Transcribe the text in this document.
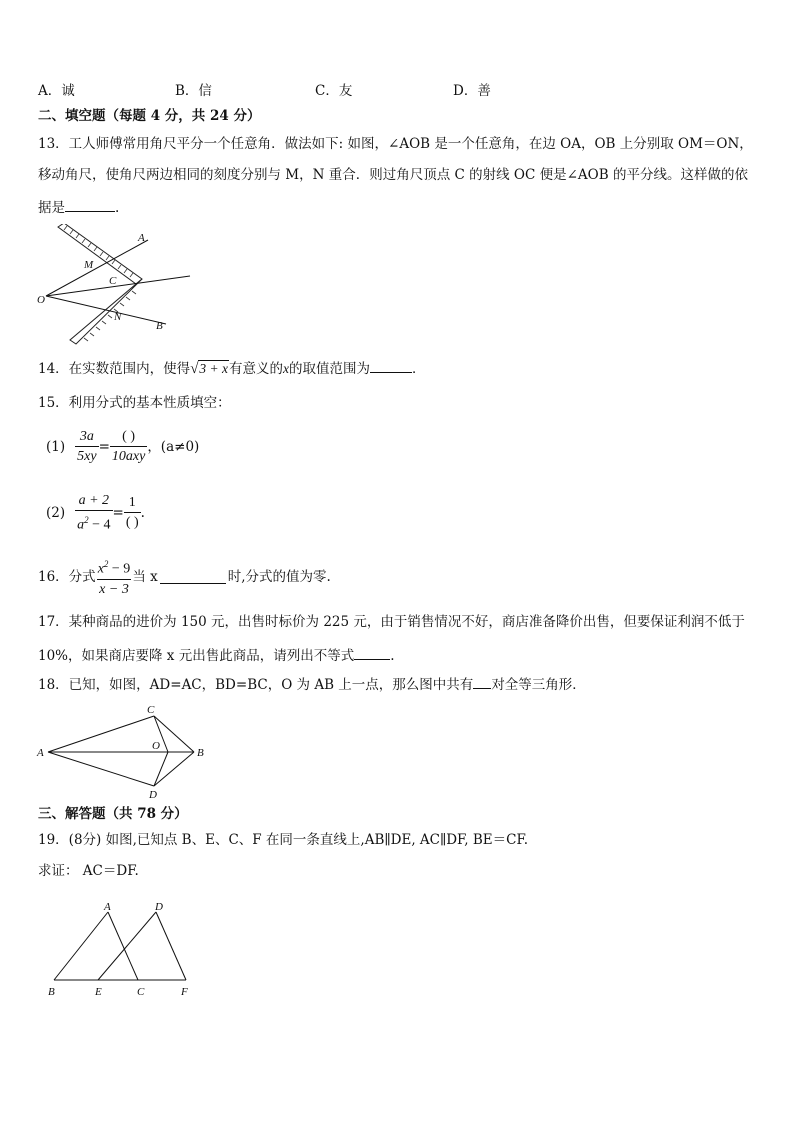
A．诚	B．信	C．友	D．善
二、填空题（每题 4 分，共 24 分）
13．工人师傅常用角尺平分一个任意角．做法如下: 如图，∠AOB 是一个任意角，在边 OA，OB 上分别取 OM＝ON，
移动角尺，使角尺两边相同的刻度分别与 M，N 重合．则过角尺顶点 C 的射线 OC 便是∠AOB 的平分线。这样做的依
据是	.
A
M
C
O
N
B
14．在实数范围内，使得√3 + x有意义的x的取值范围为	．
15．利用分式的基本性质填空：
$(1) \frac{3a}{5xy} = \frac{( )}{\text{10axy}}$ ，(a≠0)
$(2) \frac{a + 2}{a^2 - 4} = \frac{1}{( )}$ .
16．分式 $\frac{x^2 - 9}{x - 3}$ 当 x	时,分式的值为零.
17．某种商品的进价为 150 元，出售时标价为 225 元，由于销售情况不好，商店准备降价出售，但要保证利润不低于
10%，如果商店要降 x 元出售此商品，请列出不等式	.
18．已知，如图，AD=AC，BD=BC，O 为 AB 上一点，那么图中共有 对全等三角形．
A	B
C
D
O
三、解答题（共 78 分）
19．(8分) 如图,已知点 B、E、C、F 在同一条直线上,AB∥DE, AC∥DF, BE＝CF.
求证： AC＝DF.
A	D
B	E	C	F
